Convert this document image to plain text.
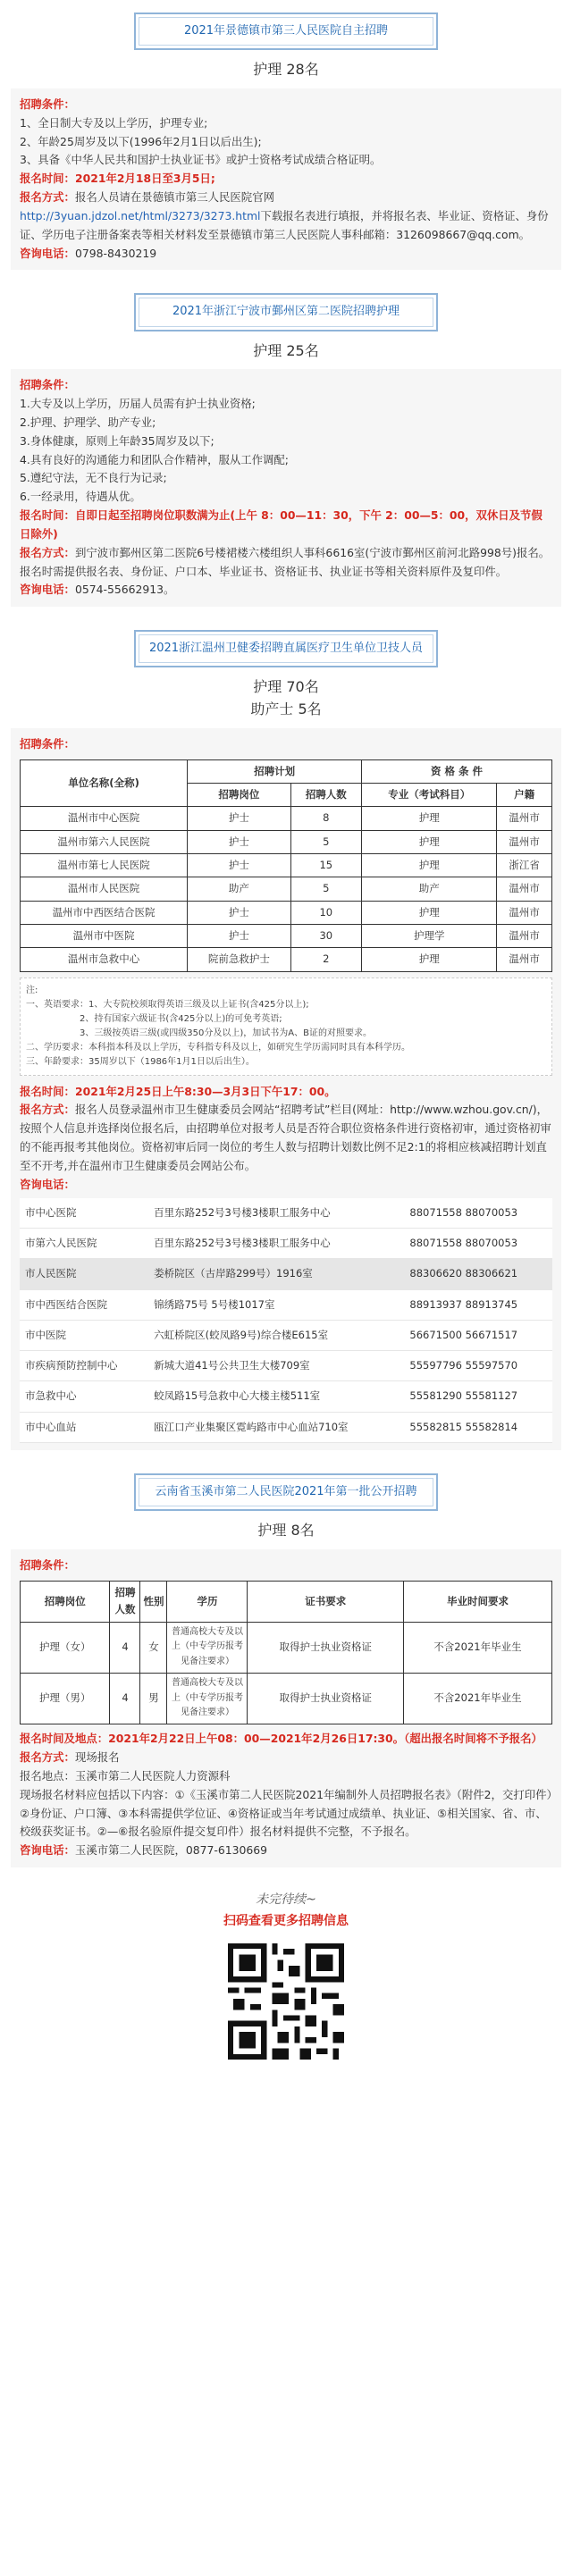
2021年景德镇市第三人民医院自主招聘
护理 28名

招聘条件：

1、全日制大专及以上学历，护理专业;

2、年龄25周岁及以下(1996年2月1日以后出生);

3、具备《中华人民共和国护士执业证书》或护士资格考试成绩合格证明。

报名时间：2021年2月18日至3月5日;

报名方式：报名人员请在景德镇市第三人民医院官网

http://3yuan.jdzol.net/html/3273/3273.html下载报名表进行填报，并将报名表、毕业证、资格证、身份证、学历电子注册备案表等相关材料发至景德镇市第三人民医院人事科邮箱：3126098667@qq.com。

咨询电话：0798-8430219

2021年浙江宁波市鄞州区第二医院招聘护理
护理 25名

招聘条件：

1.大专及以上学历，历届人员需有护士执业资格;

2.护理、护理学、助产专业;

3.身体健康，原则上年龄35周岁及以下;

4.具有良好的沟通能力和团队合作精神，服从工作调配;

5.遵纪守法，无不良行为记录;

6.一经录用，待遇从优。

报名时间：自即日起至招聘岗位职数满为止(上午 8：00—11：30，下午 2：00—5：00，双休日及节假日除外)

报名方式：到宁波市鄞州区第二医院6号楼裙楼六楼组织人事科6616室(宁波市鄞州区前河北路998号)报名。报名时需提供报名表、身份证、户口本、毕业证书、资格证书、执业证书等相关资料原件及复印件。

咨询电话：0574-55662913。

2021浙江温州卫健委招聘直属医疗卫生单位卫技人员
护理 70名
助产士 5名

招聘条件：

单位名称(全称)	招聘计划		资 格 条 件	
	招聘岗位	招聘人数	专业（考试科目）	户籍
温州市中心医院	护士	8	护理	温州市
温州市第六人民医院	护士	5	护理	温州市
温州市第七人民医院	护士	15	护理	浙江省
温州市人民医院	助产	5	助产	温州市
温州市中西医结合医院	护士	10	护理	温州市
温州市中医院	护士	30	护理学	温州市
温州市急救中心	院前急救护士	2	护理	温州市
注:
一、英语要求：1、大专院校须取得英语三级及以上证书(含425分以上);
2、持有国家六级证书(含425分以上)的可免考英语;
3、三级按英语三级(或四级350分及以上)，加试书为A、B证的对照要求。
二、学历要求：本科指本科及以上学历，专科指专科及以上，如研究生学历需同时具有本科学历。
三、年龄要求：35周岁以下（1986年1月1日以后出生）。

报名时间：2021年2月25日上午8:30—3月3日下午17：00。

报名方式：报名人员登录温州市卫生健康委员会网站“招聘考试”栏目(网址：http://www.wzhou.gov.cn/)，按照个人信息并选择岗位报名后，由招聘单位对报考人员是否符合职位资格条件进行资格初审，通过资格初审的不能再报考其他岗位。资格初审后同一岗位的考生人数与招聘计划数比例不足2:1的将相应核减招聘计划直至不开考,并在温州市卫生健康委员会网站公布。

咨询电话：

市中心医院	百里东路252号3号楼3楼职工服务中心	88071558 88070053
市第六人民医院	百里东路252号3号楼3楼职工服务中心	88071558 88070053
市人民医院	娄桥院区（古岸路299号）1916室	88306620 88306621
市中西医结合医院	锦绣路75号 5号楼1017室	88913937 88913745
市中医院	六虹桥院区(蛟凤路9号)综合楼E615室	56671500 56671517
市疾病预防控制中心	新城大道41号公共卫生大楼709室	55597796 55597570
市急救中心	蛟凤路15号急救中心大楼主楼511室	55581290 55581127
市中心血站	瓯江口产业集聚区霓屿路市中心血站710室	55582815 55582814
云南省玉溪市第二人民医院2021年第一批公开招聘
护理 8名

招聘条件：

招聘岗位	招聘人数	性别	学历	证书要求	毕业时间要求
护理（女）	4	女	普通高校大专及以上（中专学历报考见备注要求）	取得护士执业资格证	不含2021年毕业生
护理（男）	4	男	普通高校大专及以上（中专学历报考见备注要求）	取得护士执业资格证	不含2021年毕业生

报名时间及地点：2021年2月22日上午08：00—2021年2月26日17:30。（超出报名时间将不予报名）

报名方式：现场报名

报名地点：玉溪市第二人民医院人力资源科

现场报名材料应包括以下内容：①《玉溪市第二人民医院2021年编制外人员招聘报名表》（附件2，交打印件）②身份证、户口簿、③本科需提供学位证、④资格证或当年考试通过成绩单、执业证、⑤相关国家、省、市、校级获奖证书。②—⑥报名验原件提交复印件）报名材料提供不完整，不予报名。

咨询电话：玉溪市第二人民医院，0877-6130669

未完待续~
扫码查看更多招聘信息
